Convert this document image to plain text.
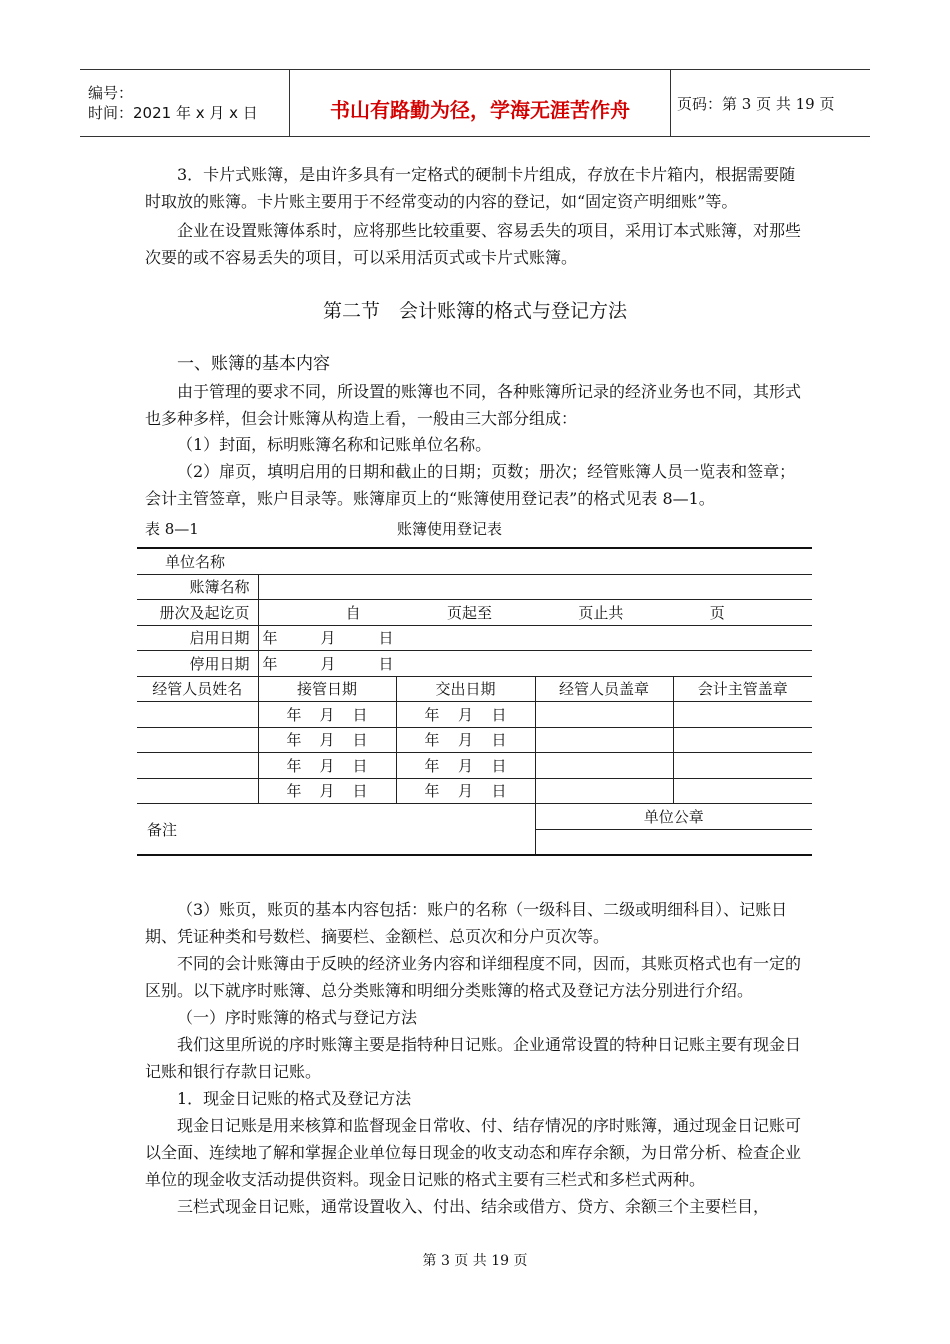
编号：
时间：2021 年 x 月 x 日	书山有路勤为径，学海无涯苦作舟	页码：第 3 页 共 19 页

3．卡片式账簿，是由许多具有一定格式的硬制卡片组成，存放在卡片箱内，根据需要随时取放的账簿。卡片账主要用于不经常变动的内容的登记，如“固定资产明细账”等。

企业在设置账簿体系时，应将那些比较重要、容易丢失的项目，采用订本式账簿，对那些次要的或不容易丢失的项目，可以采用活页式或卡片式账簿。

第二节　会计账簿的格式与登记方法
一、账簿的基本内容

由于管理的要求不同，所设置的账簿也不同，各种账簿所记录的经济业务也不同，其形式也多种多样，但会计账簿从构造上看，一般由三大部分组成：

（1）封面，标明账簿名称和记账单位名称。

（2）扉页，填明启用的日期和截止的日期；页数；册次；经管账簿人员一览表和签章；会计主管签章，账户目录等。账簿扉页上的“账簿使用登记表”的格式见表 8—1。

表 8—1	账簿使用登记表
单位名称				
账簿名称				
册次及起讫页	自 页起至 页止共 页			

启用日期	年 月 日			
停用日期	年 月 日			
经管人员姓名	接管日期	交出日期	经管人员盖章	会计主管盖章

	年 月 日	年 月 日		

	年 月 日	年 月 日		

	年 月 日	年 月 日		

	年 月 日	年 月 日		

备注			单位公章	

（3）账页，账页的基本内容包括：账户的名称（一级科目、二级或明细科目）、记账日期、凭证种类和号数栏、摘要栏、金额栏、总页次和分户页次等。

不同的会计账簿由于反映的经济业务内容和详细程度不同，因而，其账页格式也有一定的区别。以下就序时账簿、总分类账簿和明细分类账簿的格式及登记方法分别进行介绍。

（一）序时账簿的格式与登记方法

我们这里所说的序时账簿主要是指特种日记账。企业通常设置的特种日记账主要有现金日记账和银行存款日记账。

1．现金日记账的格式及登记方法

现金日记账是用来核算和监督现金日常收、付、结存情况的序时账簿，通过现金日记账可以全面、连续地了解和掌握企业单位每日现金的收支动态和库存余额，为日常分析、检查企业单位的现金收支活动提供资料。现金日记账的格式主要有三栏式和多栏式两种。

三栏式现金日记账，通常设置收入、付出、结余或借方、贷方、余额三个主要栏目，

第 3 页 共 19 页
